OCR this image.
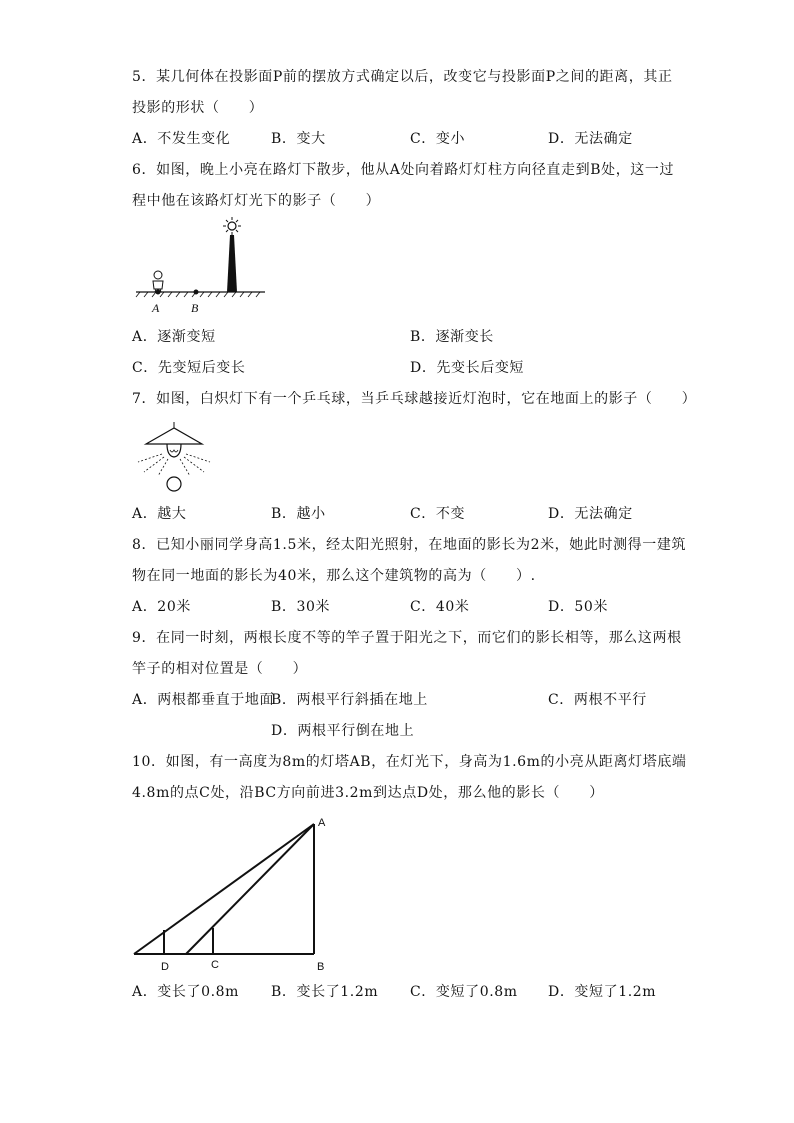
5．某几何体在投影面P前的摆放方式确定以后，改变它与投影面P之间的距离，其正
投影的形状（　　）
A．不发生变化	B．变大	C．变小	D．无法确定
6．如图，晚上小亮在路灯下散步，他从A处向着路灯灯柱方向径直走到B处，这一过
程中他在该路灯灯光下的影子（　　）
A	B
A．逐渐变短	B．逐渐变长
C．先变短后变长	D．先变长后变短
7．如图，白炽灯下有一个乒乓球，当乒乓球越接近灯泡时，它在地面上的影子（　　）
A．越大	B．越小	C．不变	D．无法确定
8．已知小丽同学身高1.5米，经太阳光照射，在地面的影长为2米，她此时测得一建筑
物在同一地面的影长为40米，那么这个建筑物的高为（　　）.
A．20米	B．30米	C．40米	D．50米
9．在同一时刻，两根长度不等的竿子置于阳光之下，而它们的影长相等，那么这两根
竿子的相对位置是（　　）
A．两根都垂直于地面
B．两根平行斜插在地上	C．两根不平行
D．两根平行倒在地上
10．如图，有一高度为8m的灯塔AB，在灯光下，身高为1.6m的小亮从距离灯塔底端
4.8m的点C处，沿BC方向前进3.2m到达点D处，那么他的影长（　　）
A
B
C
D
A．变长了0.8m B．变长了1.2m C．变短了0.8m D．变短了1.2m
